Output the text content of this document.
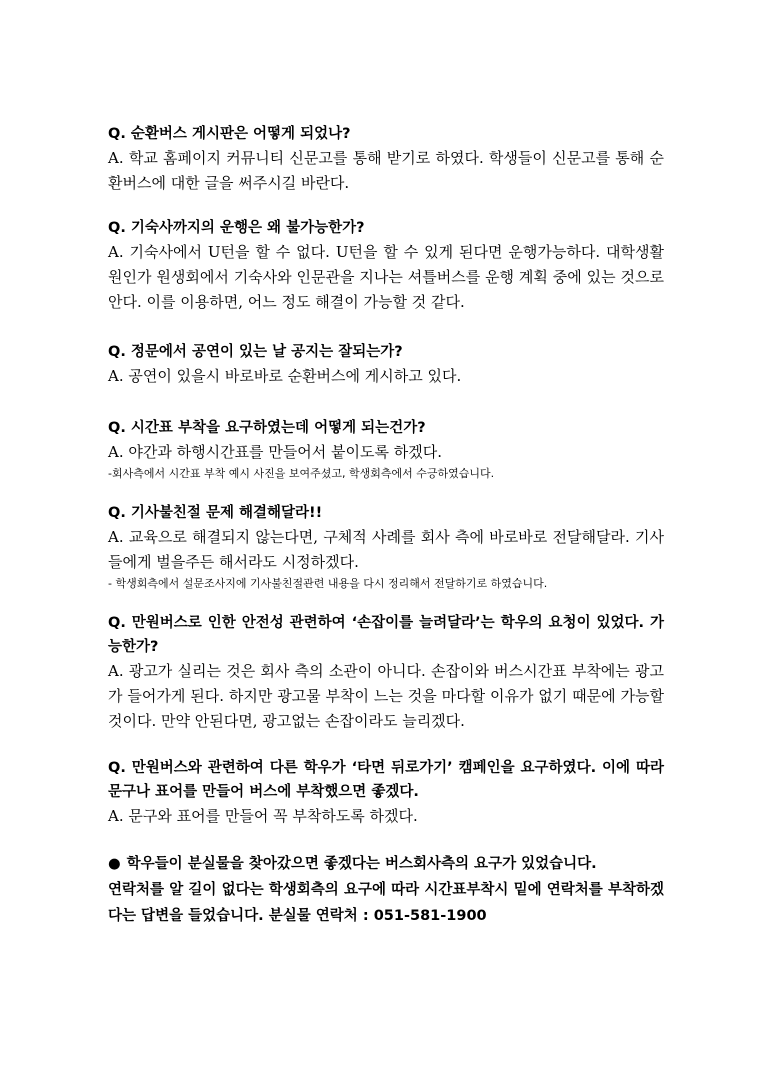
Q. 순환버스 게시판은 어떻게 되었나?

A. 학교 홈페이지 커뮤니티 신문고를 통해 받기로 하였다. 학생들이 신문고를 통해 순환버스에 대한 글을 써주시길 바란다.

Q. 기숙사까지의 운행은 왜 불가능한가?

A. 기숙사에서 U턴을 할 수 없다. U턴을 할 수 있게 된다면 운행가능하다. 대학생활원인가 원생회에서 기숙사와 인문관을 지나는 셔틀버스를 운행 계획 중에 있는 것으로 안다. 이를 이용하면, 어느 정도 해결이 가능할 것 같다.

Q. 정문에서 공연이 있는 날 공지는 잘되는가?

A. 공연이 있을시 바로바로 순환버스에 게시하고 있다.

Q. 시간표 부착을 요구하였는데 어떻게 되는건가?

A. 야간과 하행시간표를 만들어서 붙이도록 하겠다.

-회사측에서 시간표 부착 예시 사진을 보여주셨고, 학생회측에서 수긍하였습니다.

Q. 기사불친절 문제 해결해달라!!

A. 교육으로 해결되지 않는다면, 구체적 사례를 회사 측에 바로바로 전달해달라. 기사들에게 벌을주든 해서라도 시정하겠다.

- 학생회측에서 설문조사지에 기사불친절관련 내용을 다시 정리해서 전달하기로 하였습니다.

Q. 만원버스로 인한 안전성 관련하여 ‘손잡이를 늘려달라’는 학우의 요청이 있었다. 가능한가?

A. 광고가 실리는 것은 회사 측의 소관이 아니다. 손잡이와 버스시간표 부착에는 광고가 들어가게 된다. 하지만 광고물 부착이 느는 것을 마다할 이유가 없기 때문에 가능할 것이다. 만약 안된다면, 광고없는 손잡이라도 늘리겠다.

Q. 만원버스와 관련하여 다른 학우가 ‘타면 뒤로가기’ 캠페인을 요구하였다. 이에 따라 문구나 표어를 만들어 버스에 부착했으면 좋겠다.

A. 문구와 표어를 만들어 꼭 부착하도록 하겠다.

● 학우들이 분실물을 찾아갔으면 좋겠다는 버스회사측의 요구가 있었습니다.

연락처를 알 길이 없다는 학생회측의 요구에 따라 시간표부착시 밑에 연락처를 부착하겠다는 답변을 들었습니다. 분실물 연락처 : 051-581-1900
